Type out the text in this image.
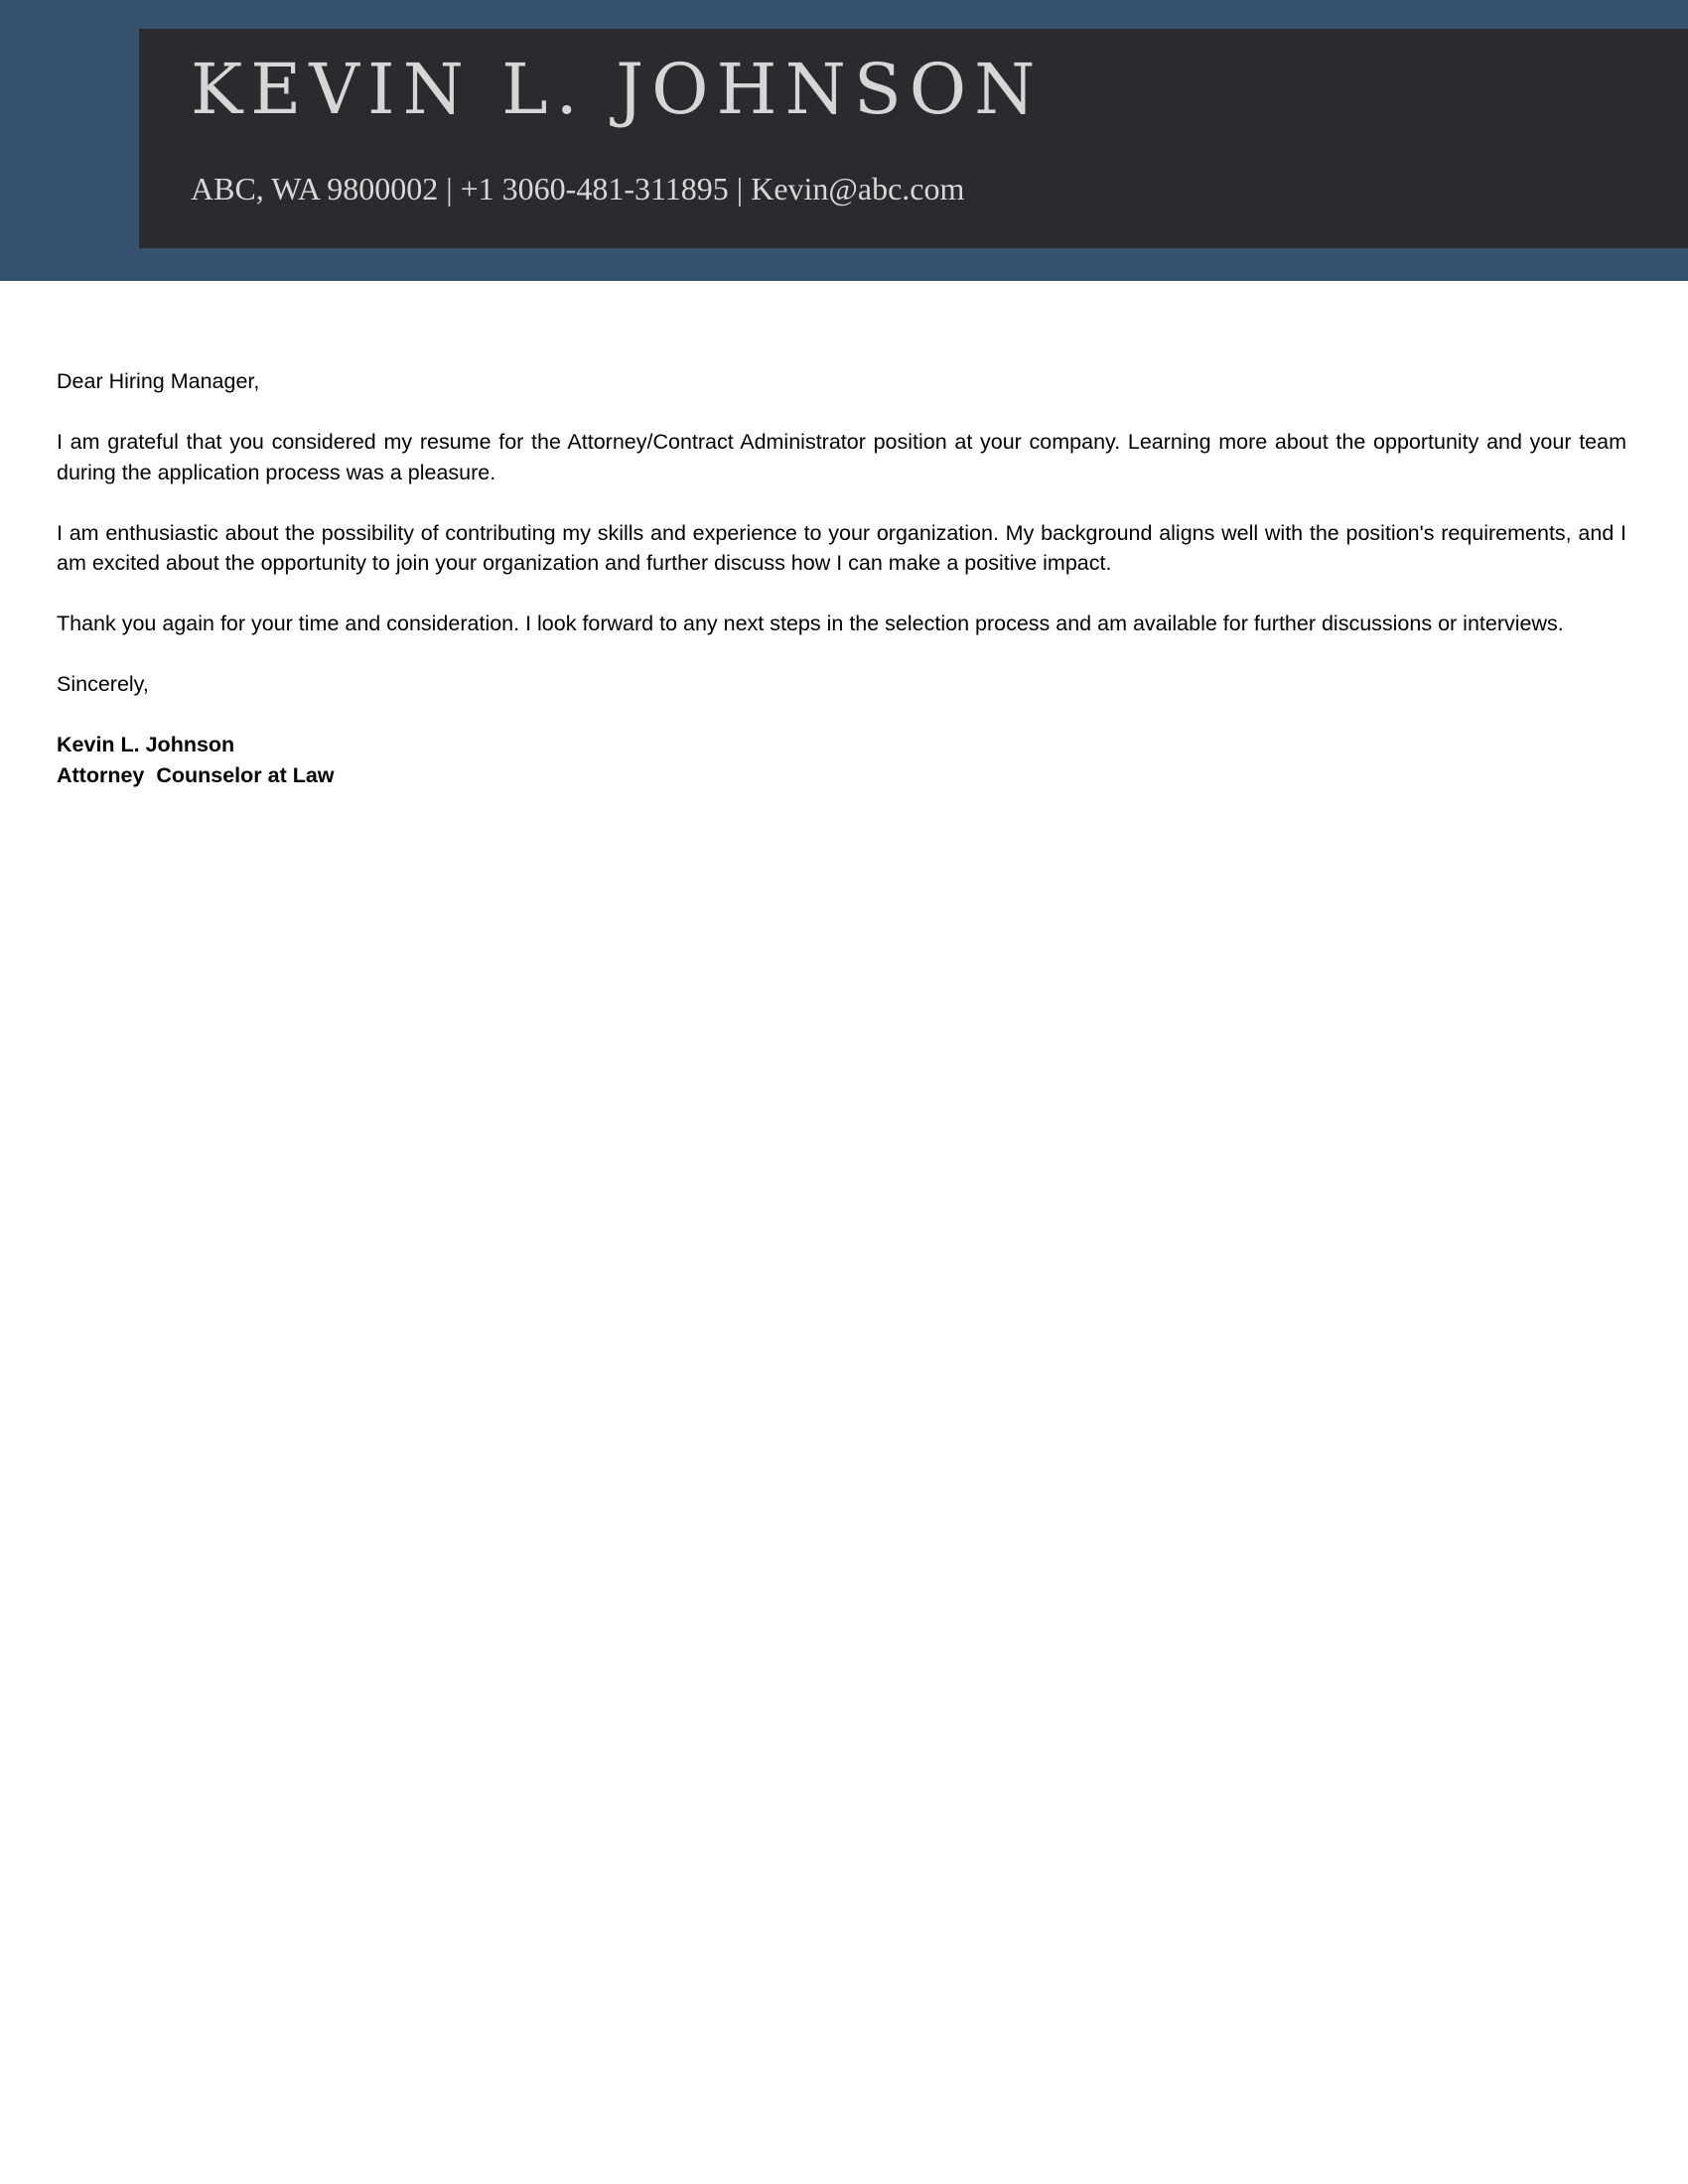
KEVIN L. JOHNSON
ABC, WA 9800002 | +1 3060-481-311895 | Kevin@abc.com

Dear Hiring Manager,

I am grateful that you considered my resume for the Attorney/Contract Administrator position at your company. Learning more about the opportunity and your team during the application process was a pleasure.

I am enthusiastic about the possibility of contributing my skills and experience to your organization. My background aligns well with the position's requirements, and I am excited about the opportunity to join your organization and further discuss how I can make a positive impact.

Thank you again for your time and consideration. I look forward to any next steps in the selection process and am available for further discussions or interviews.

Sincerely,

Kevin L. Johnson

Attorney  Counselor at Law
